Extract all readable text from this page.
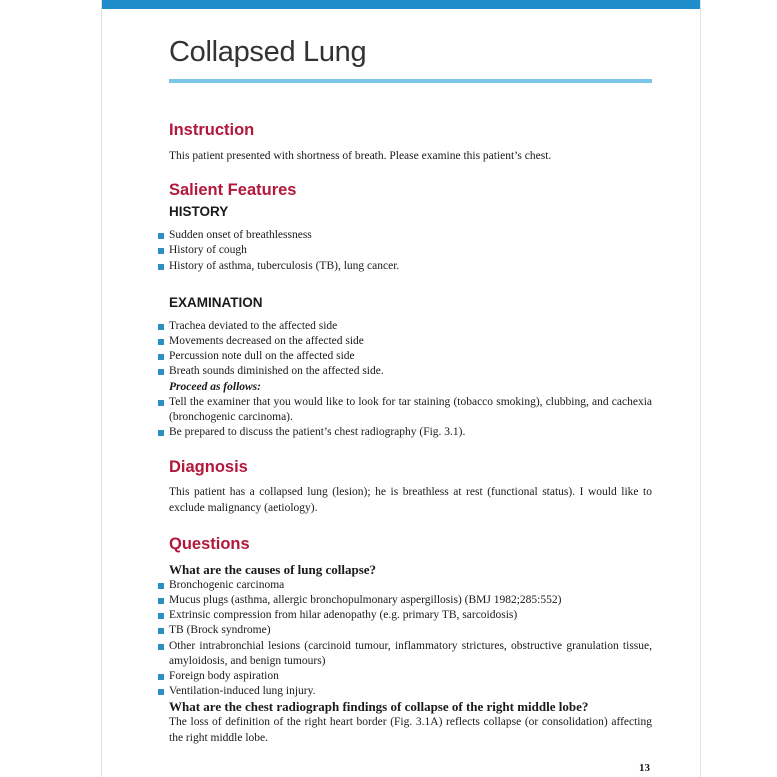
Collapsed Lung
Instruction

This patient presented with shortness of breath. Please examine this patient’s chest.

Salient Features
HISTORY
Sudden onset of breathlessness
History of cough
History of asthma, tuberculosis (TB), lung cancer.
EXAMINATION
Trachea deviated to the affected side
Movements decreased on the affected side
Percussion note dull on the affected side
Breath sounds diminished on the affected side.

Proceed as follows:

Tell the examiner that you would like to look for tar staining (tobacco smoking), clubbing, and cachexia (bronchogenic carcinoma).
Be prepared to discuss the patient’s chest radiography (Fig. 3.1).
Diagnosis

This patient has a collapsed lung (lesion); he is breathless at rest (functional status). I would like to exclude malignancy (aetiology).

Questions

What are the causes of lung collapse?

Bronchogenic carcinoma
Mucus plugs (asthma, allergic bronchopulmonary aspergillosis) (BMJ 1982;285:552)
Extrinsic compression from hilar adenopathy (e.g. primary TB, sarcoidosis)
TB (Brock syndrome)
Other intrabronchial lesions (carcinoid tumour, inflammatory strictures, obstructive granulation tissue, amyloidosis, and benign tumours)
Foreign body aspiration
Ventilation-induced lung injury.

What are the chest radiograph findings of collapse of the right middle lobe?

The loss of definition of the right heart border (Fig. 3.1A) reflects collapse (or consolidation) affecting the right middle lobe.

13
